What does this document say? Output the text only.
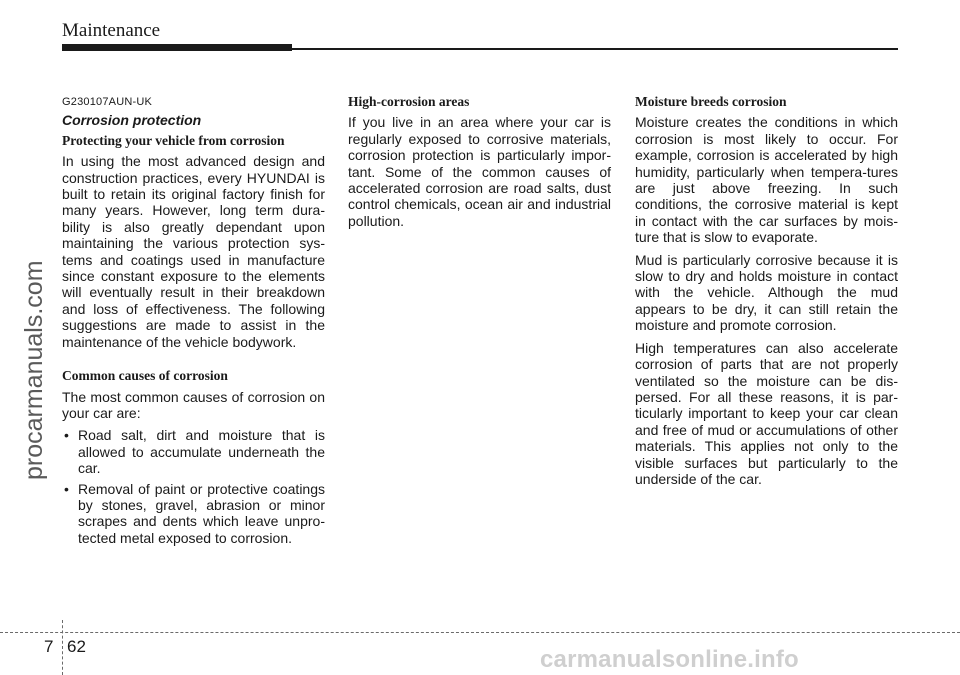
Maintenance
procarmanuals.com
G230107AUN-UK
Corrosion protection
Protecting your vehicle from corrosion

In using the most advanced design and construction practices, every HYUNDAI is built to retain its original factory finish for many years. However, long term dura-bility is also greatly dependant upon maintaining the various protection sys-tems and coatings used in manufacture since constant exposure to the elements will eventually result in their breakdown and loss of effectiveness. The following suggestions are made to assist in the maintenance of the vehicle bodywork.

Common causes of corrosion

The most common causes of corrosion on your car are:

• Road salt, dirt and moisture that is allowed to accumulate underneath the car.
• Removal of paint or protective coatings by stones, gravel, abrasion or minor scrapes and dents which leave unpro-tected metal exposed to corrosion.
High-corrosion areas

If you live in an area where your car is regularly exposed to corrosive materials, corrosion protection is particularly impor-tant. Some of the common causes of accelerated corrosion are road salts, dust control chemicals, ocean air and industrial pollution.

Moisture breeds corrosion

Moisture creates the conditions in which corrosion is most likely to occur. For example, corrosion is accelerated by high humidity, particularly when tempera-tures are just above freezing. In such conditions, the corrosive material is kept in contact with the car surfaces by mois-ture that is slow to evaporate.

Mud is particularly corrosive because it is slow to dry and holds moisture in contact with the vehicle. Although the mud appears to be dry, it can still retain the moisture and promote corrosion.

High temperatures can also accelerate corrosion of parts that are not properly ventilated so the moisture can be dis-persed. For all these reasons, it is par-ticularly important to keep your car clean and free of mud or accumulations of other materials. This applies not only to the visible surfaces but particularly to the underside of the car.

7 62	carmanualsonline.info
